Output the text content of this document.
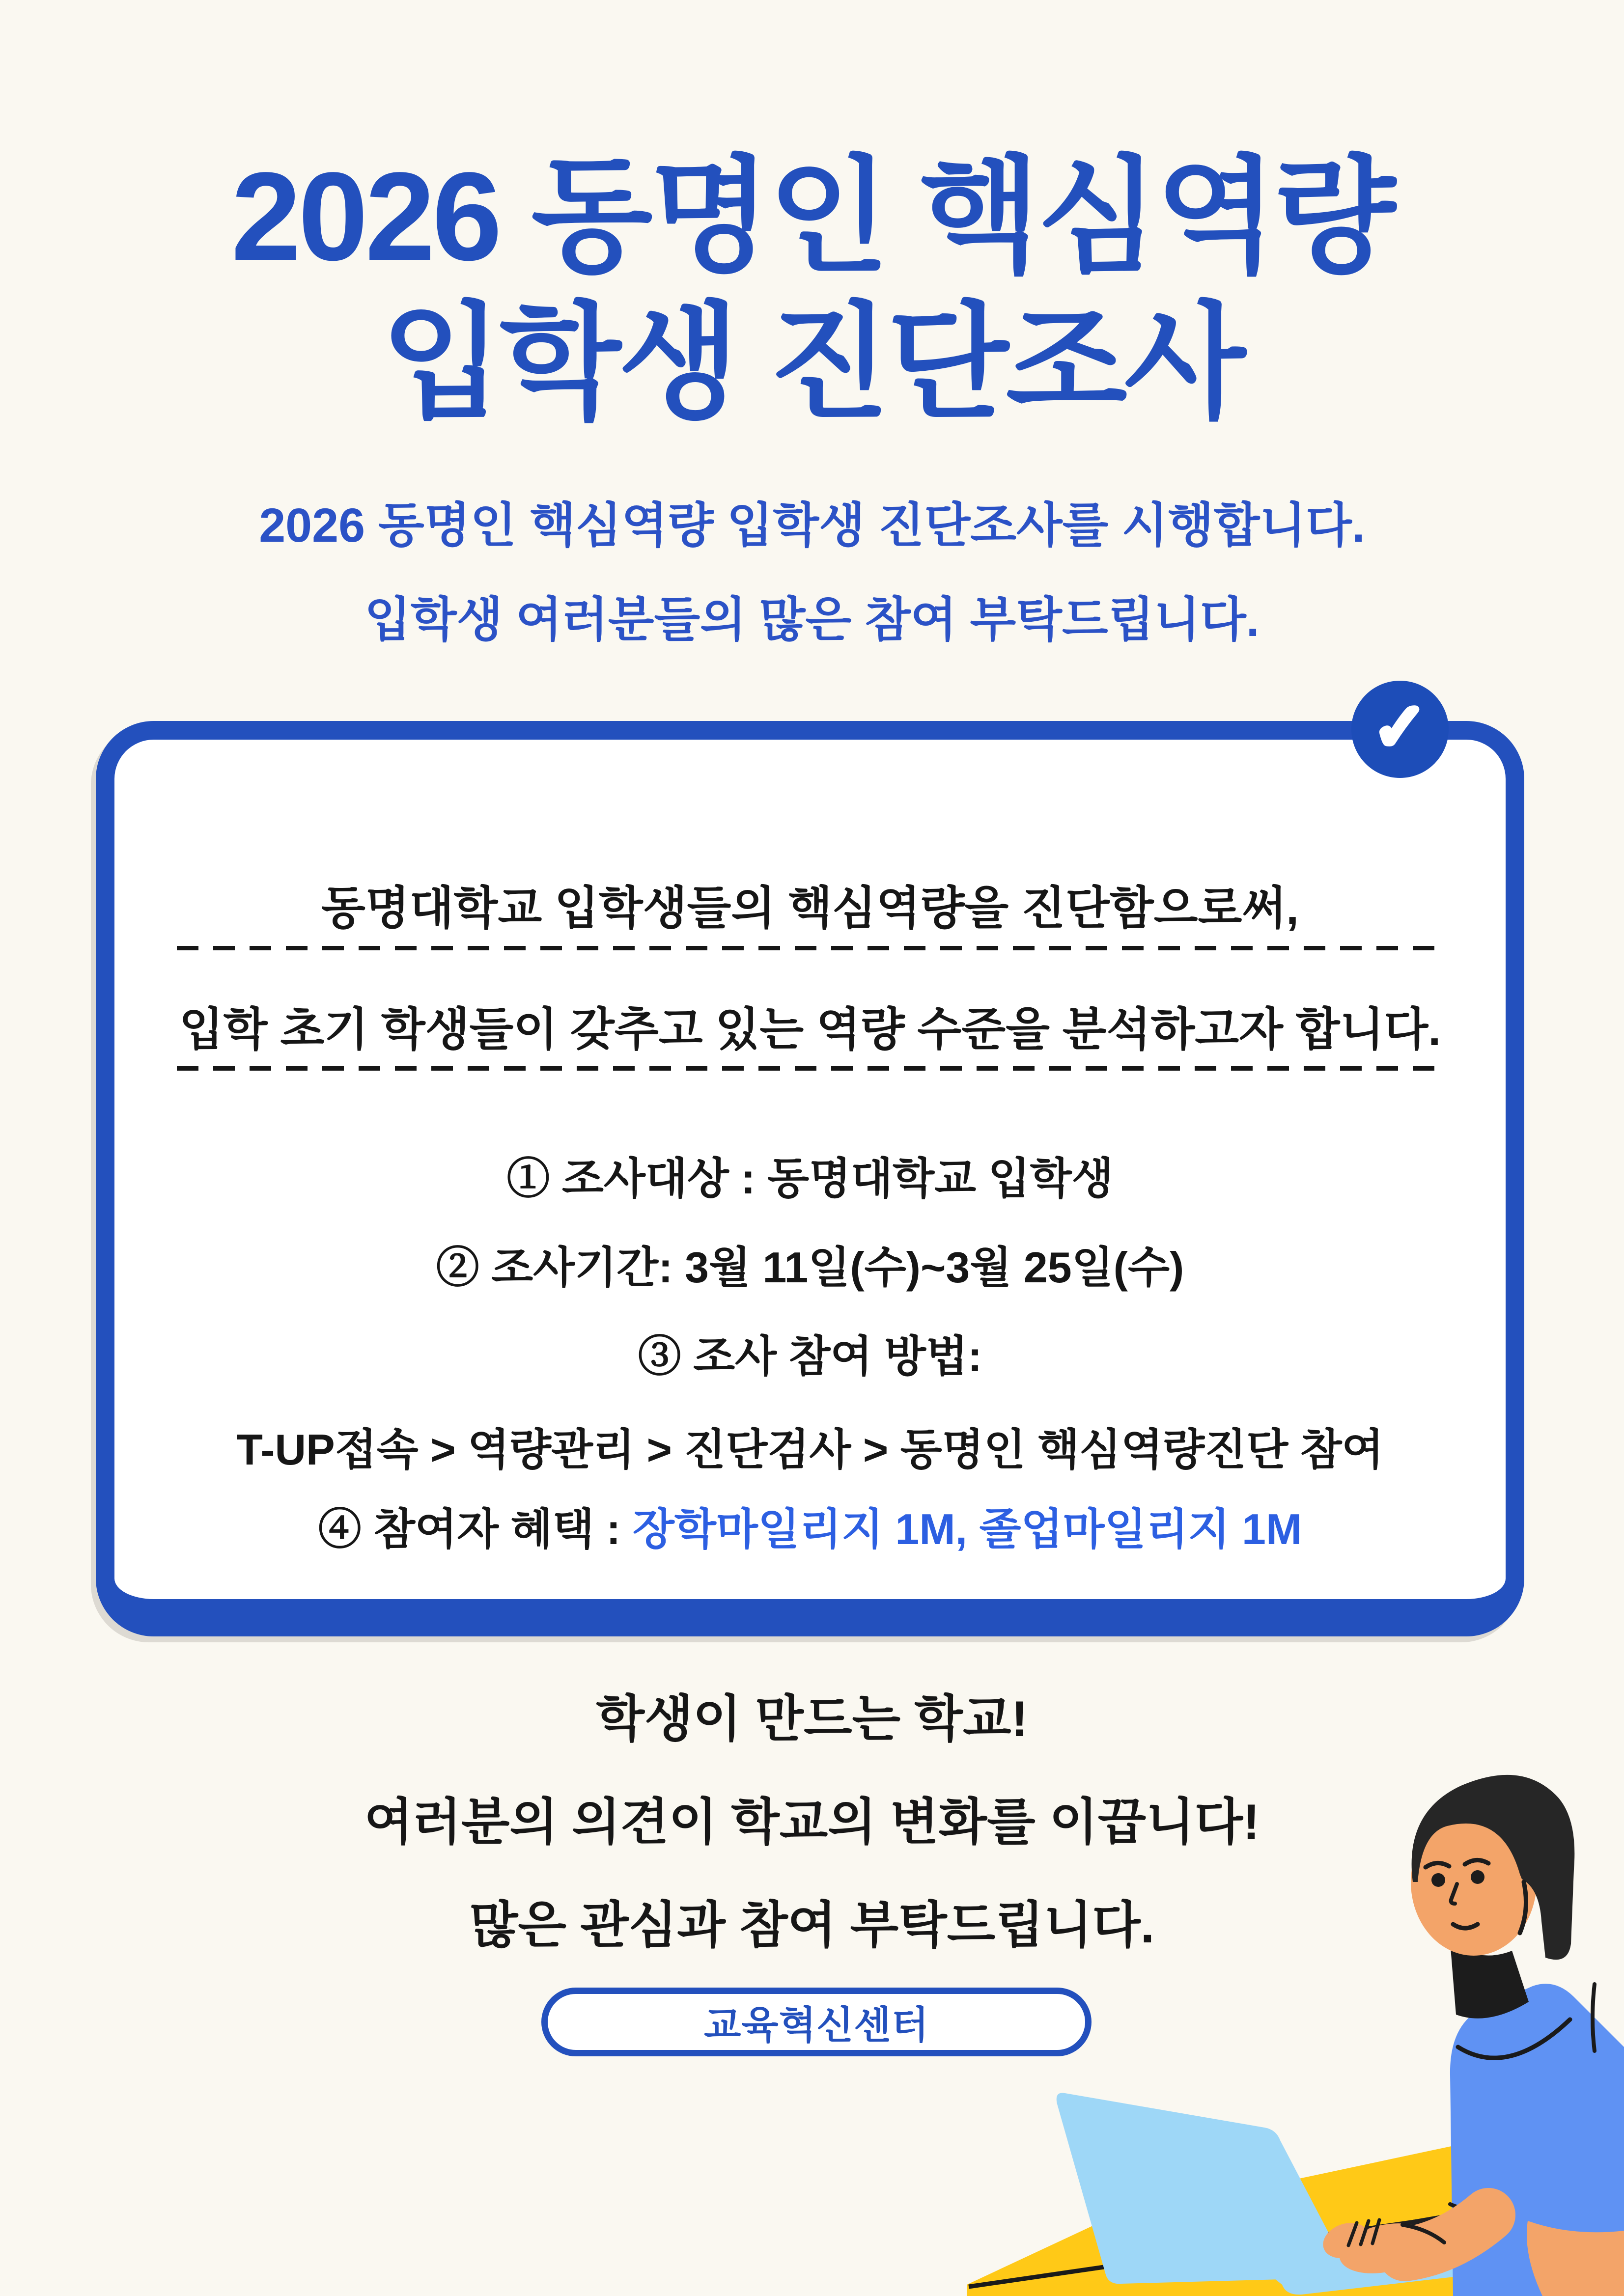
2026 동명인 핵심역량
입학생 진단조사
2026 동명인 핵심역량 입학생 진단조사를 시행합니다.
입학생 여러분들의 많은 참여 부탁드립니다.
동명대학교 입학생들의 핵심역량을 진단함으로써,
입학 초기 학생들이 갖추고 있는 역량 수준을 분석하고자 합니다.
① 조사대상 : 동명대학교 입학생
② 조사기간: 3월 11일(수)~3월 25일(수)
③ 조사 참여 방법:
T-UP접속 > 역량관리 > 진단검사 > 동명인 핵심역량진단 참여
④ 참여자 혜택 : 장학마일리지 1M, 졸업마일리지 1M
✓
학생이 만드는 학교!
여러분의 의견이 학교의 변화를 이끕니다!
많은 관심과 참여 부탁드립니다.
교육혁신센터
